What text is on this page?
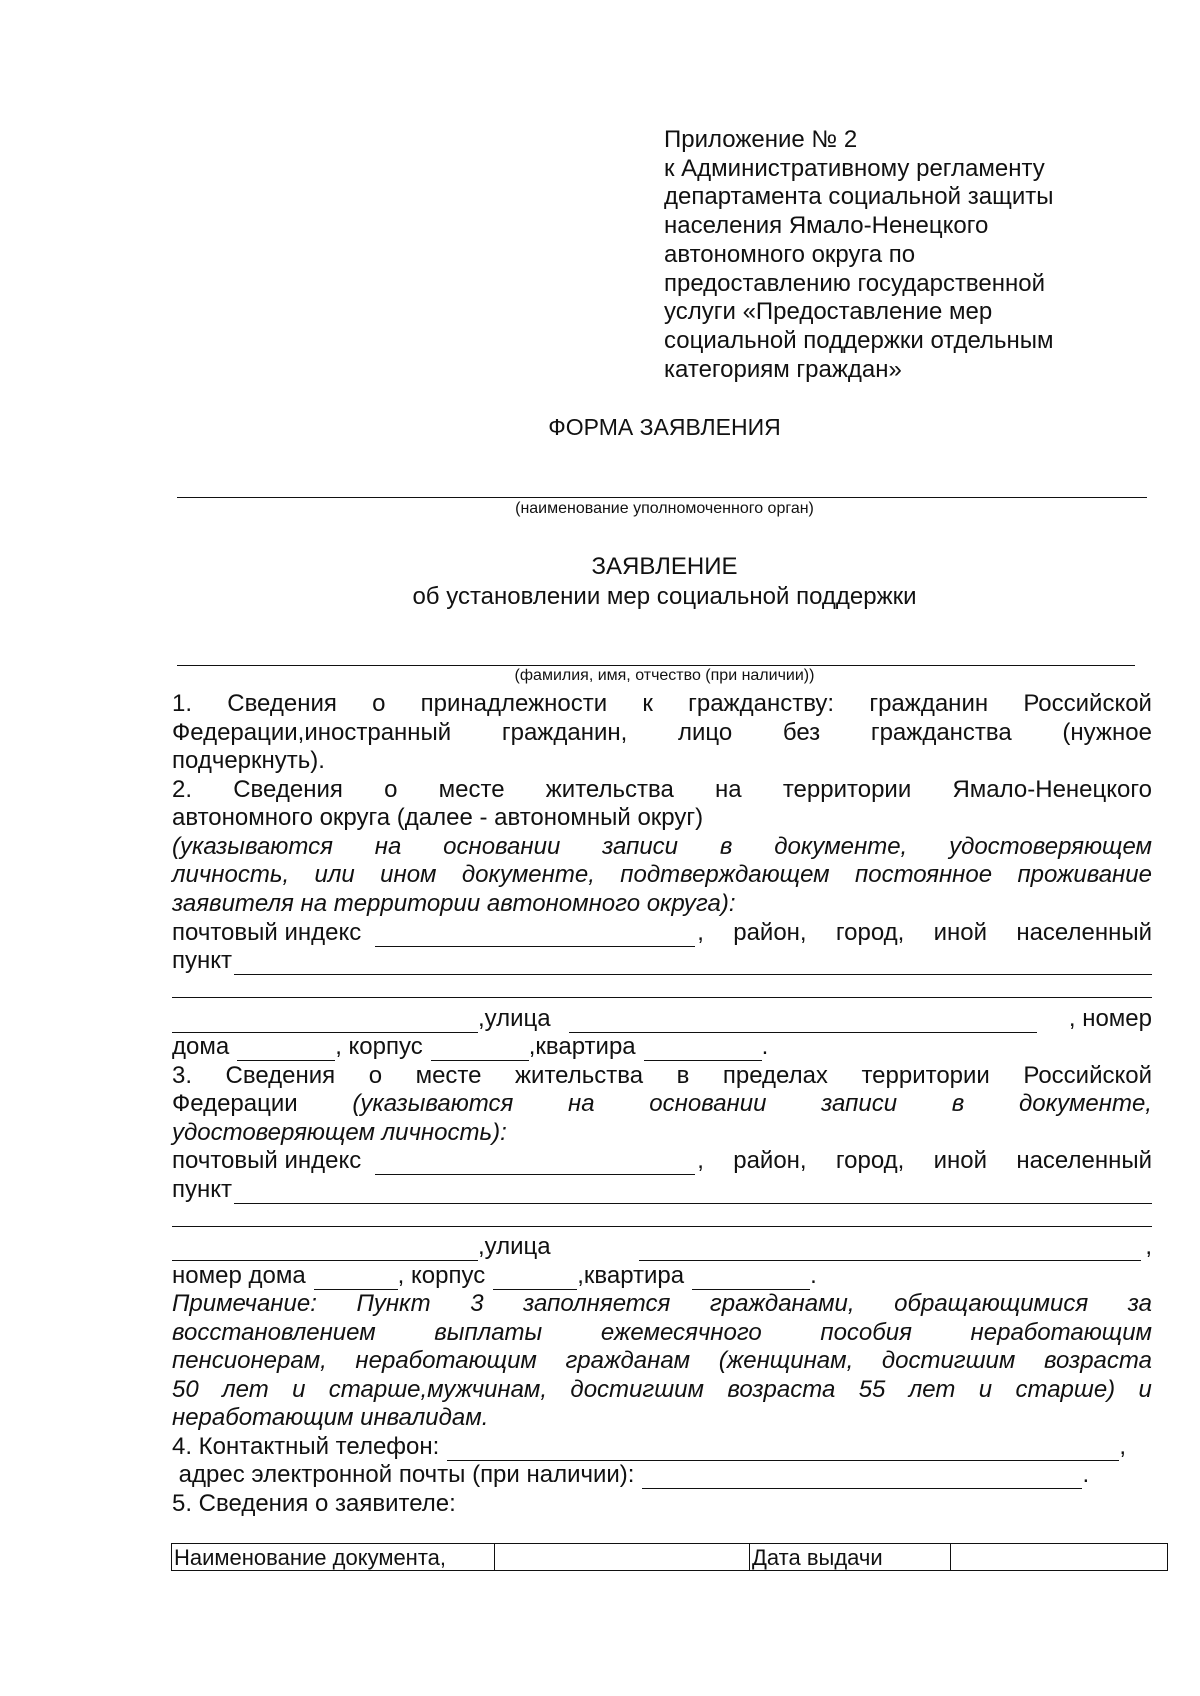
Приложение № 2
к Административному регламенту
департамента социальной защиты
населения Ямало-Ненецкого
автономного округа по
предоставлению государственной
услуги «Предоставление мер
социальной поддержки отдельным
категориям граждан»
ФОРМА ЗАЯВЛЕНИЯ
(наименование уполномоченного орган)
ЗАЯВЛЕНИЕ
об установлении мер социальной поддержки
(фамилия, имя, отчество (при наличии))
1. Сведения о принадлежности к гражданству: гражданин Российской
Федерации,иностранный гражданин, лицо без гражданства (нужное
подчеркнуть).
2. Сведения о месте жительства на территории Ямало-Ненецкого
автономного округа (далее - автономный округ)
(указываются на основании записи в документе, удостоверяющем
личность, или ином документе, подтверждающем постоянное проживание
заявителя на территории автономного округа):
почтовый индекс	, район, город, иной населенный
пункт
,улица	, номер
дома	, корпус	,квартира	.
3. Сведения о месте жительства в пределах территории Российской
Федерации (указываются на основании записи в документе,
удостоверяющем личность):
почтовый индекс	, район, город, иной населенный
пункт
,улица	,
номер дома	, корпус	,квартира	.
Примечание: Пункт 3 заполняется гражданами, обращающимися за
восстановлением выплаты ежемесячного пособия неработающим
пенсионерам, неработающим гражданам (женщинам, достигшим возраста
50 лет и старше,мужчинам, достигшим возраста 55 лет и старше) и
неработающим инвалидам.
4. Контактный телефон:	,
адрес электронной почты (при наличии):	.
5. Сведения о заявителе:
Наименование документа,		Дата выдачи	
